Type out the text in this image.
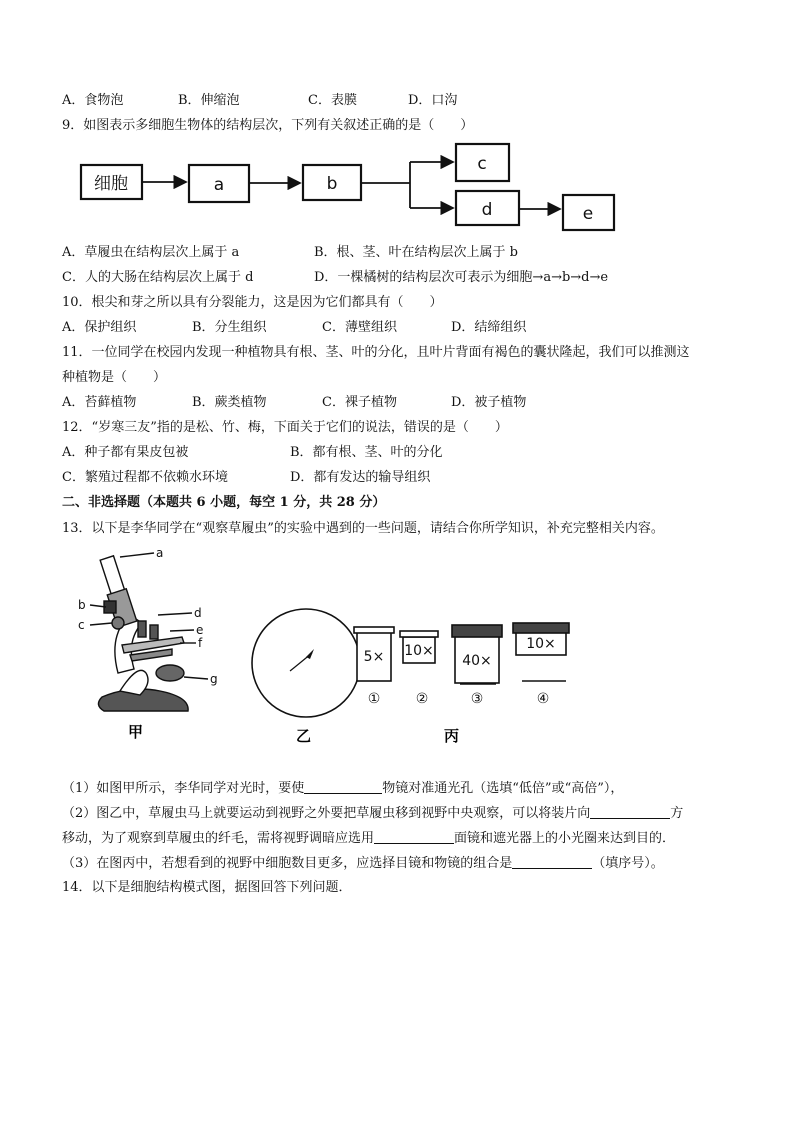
A．食物泡	B．伸缩泡	C．表膜	D．口沟
9．如图表示多细胞生物体的结构层次，下列有关叙述正确的是（　　）
细胞	a	b
c
d	e
A．草履虫在结构层次上属于 a	B．根、茎、叶在结构层次上属于 b
C．人的大肠在结构层次上属于 d	D．一棵橘树的结构层次可表示为细胞→a→b→d→e
10．根尖和芽之所以具有分裂能力，这是因为它们都具有（　　）
A．保护组织	B．分生组织	C．薄壁组织	D．结缔组织
11．一位同学在校园内发现一种植物具有根、茎、叶的分化，且叶片背面有褐色的囊状隆起，我们可以推测这
种植物是（　　）
A．苔藓植物	B．蕨类植物	C．裸子植物	D．被子植物
12．“岁寒三友”指的是松、竹、梅，下面关于它们的说法，错误的是（　　）
A．种子都有果皮包被	B．都有根、茎、叶的分化
C．繁殖过程都不依赖水环境	D．都有发达的输导组织
二、非选择题（本题共 6 小题，每空 1 分，共 28 分）
13．以下是李华同学在“观察草履虫”的实验中遇到的一些问题，请结合你所学知识，补充完整相关内容。
a
b
c
d
e
f
g
甲	乙
5× 10×
40×
10×
①	②	③	④
丙
（1）如图甲所示，李华同学对光时，要使	物镜对准通光孔（选填“低倍”或“高倍”），
（2）图乙中，草履虫马上就要运动到视野之外要把草履虫移到视野中央观察，可以将装片向	方
移动，为了观察到草履虫的纤毛，需将视野调暗应选用	面镜和遮光器上的小光圈来达到目的．
（3）在图丙中，若想看到的视野中细胞数目更多，应选择目镜和物镜的组合是	（填序号）。
14．以下是细胞结构模式图，据图回答下列问题．
